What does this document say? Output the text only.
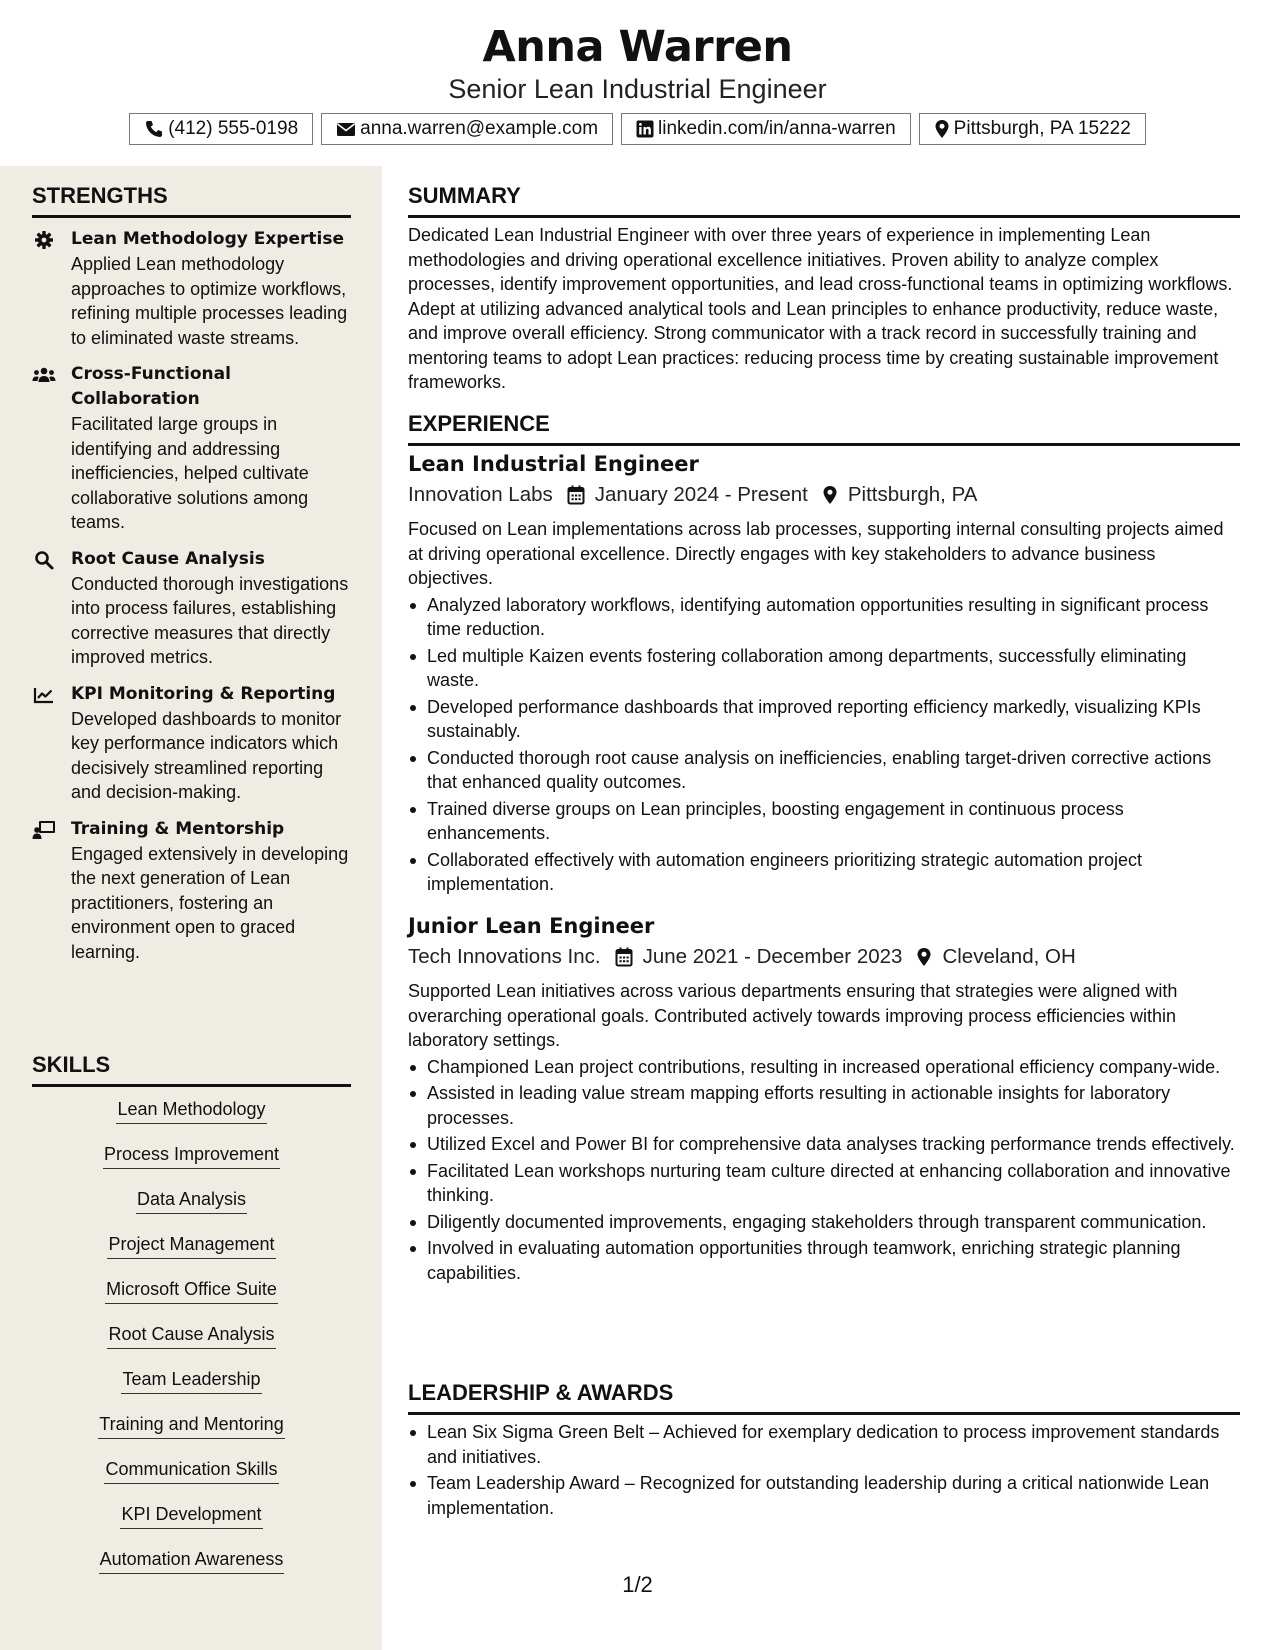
Anna Warren
Senior Lean Industrial Engineer
(412) 555-0198	anna.warren@example.com	linkedin.com/in/anna-warren	Pittsburgh, PA 15222
STRENGTHS
Lean Methodology Expertise
Applied Lean methodology approaches to optimize workflows, refining multiple processes leading to eliminated waste streams.
Cross-Functional Collaboration
Facilitated large groups in identifying and addressing inefficiencies, helped cultivate collaborative solutions among teams.
Root Cause Analysis
Conducted thorough investigations into process failures, establishing corrective measures that directly improved metrics.
KPI Monitoring & Reporting
Developed dashboards to monitor key performance indicators which decisively streamlined reporting and decision-making.
Training & Mentorship
Engaged extensively in developing the next generation of Lean practitioners, fostering an environment open to graced learning.
SKILLS
Lean Methodology
Process Improvement
Data Analysis
Project Management
Microsoft Office Suite
Root Cause Analysis
Team Leadership
Training and Mentoring
Communication Skills
KPI Development
Automation Awareness
SUMMARY
Dedicated Lean Industrial Engineer with over three years of experience in implementing Lean methodologies and driving operational excellence initiatives. Proven ability to analyze complex processes, identify improvement opportunities, and lead cross-functional teams in optimizing workflows. Adept at utilizing advanced analytical tools and Lean principles to enhance productivity, reduce waste, and improve overall efficiency. Strong communicator with a track record in successfully training and mentoring teams to adopt Lean practices: reducing process time by creating sustainable improvement frameworks.
EXPERIENCE
Lean Industrial Engineer
Innovation Labs January 2024 - Present Pittsburgh, PA
Focused on Lean implementations across lab processes, supporting internal consulting projects aimed at driving operational excellence. Directly engages with key stakeholders to advance business objectives.
Analyzed laboratory workflows, identifying automation opportunities resulting in significant process time reduction.
Led multiple Kaizen events fostering collaboration among departments, successfully eliminating waste.
Developed performance dashboards that improved reporting efficiency markedly, visualizing KPIs sustainably.
Conducted thorough root cause analysis on inefficiencies, enabling target-driven corrective actions that enhanced quality outcomes.
Trained diverse groups on Lean principles, boosting engagement in continuous process enhancements.
Collaborated effectively with automation engineers prioritizing strategic automation project implementation.
Junior Lean Engineer
Tech Innovations Inc. June 2021 - December 2023 Cleveland, OH
Supported Lean initiatives across various departments ensuring that strategies were aligned with overarching operational goals. Contributed actively towards improving process efficiencies within laboratory settings.
Championed Lean project contributions, resulting in increased operational efficiency company-wide.
Assisted in leading value stream mapping efforts resulting in actionable insights for laboratory processes.
Utilized Excel and Power BI for comprehensive data analyses tracking performance trends effectively.
Facilitated Lean workshops nurturing team culture directed at enhancing collaboration and innovative thinking.
Diligently documented improvements, engaging stakeholders through transparent communication.
Involved in evaluating automation opportunities through teamwork, enriching strategic planning capabilities.
LEADERSHIP & AWARDS
Lean Six Sigma Green Belt – Achieved for exemplary dedication to process improvement standards and initiatives.
Team Leadership Award – Recognized for outstanding leadership during a critical nationwide Lean implementation.
1/2
